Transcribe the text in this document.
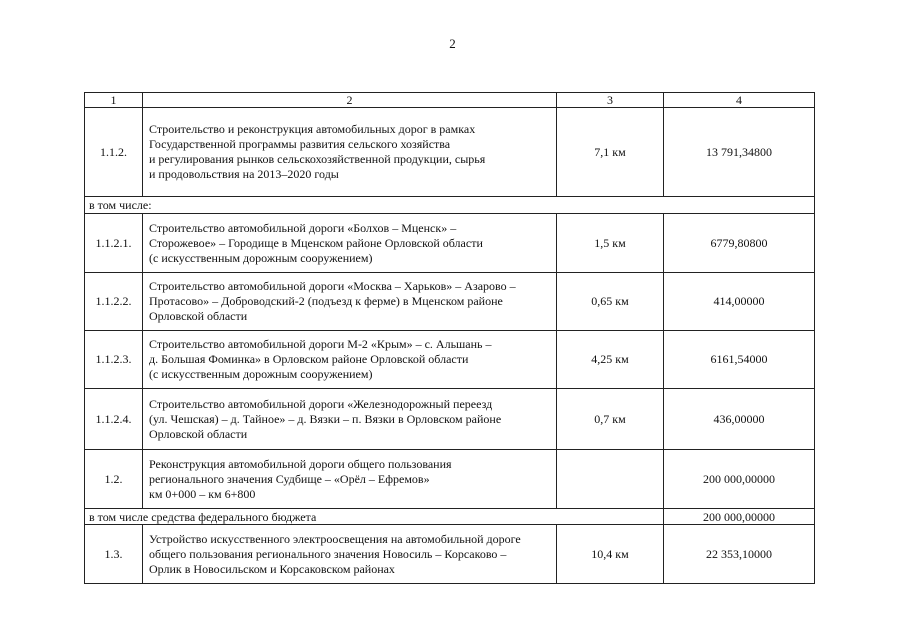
2
1	2	3	4
1.1.2.	Строительство и реконструкция автомобильных дорог в рамках
Государственной программы развития сельского хозяйства
и регулирования рынков сельскохозяйственной продукции, сырья
и продовольствия на 2013–2020 годы	7,1 км	13 791,34800
в том числе:			
1.1.2.1.	Строительство автомобильной дороги «Болхов – Мценск» –
Сторожевое» – Городище в Мценском районе Орловской области
(с искусственным дорожным сооружением)	1,5 км	6779,80800
1.1.2.2.	Строительство автомобильной дороги «Москва – Харьков» – Азарово –
Протасово» – Доброводский-2 (подъезд к ферме) в Мценском районе
Орловской области	0,65 км	414,00000
1.1.2.3.	Строительство автомобильной дороги М-2 «Крым» – с. Альшань –
д. Большая Фоминка» в Орловском районе Орловской области
(с искусственным дорожным сооружением)	4,25 км	6161,54000
1.1.2.4.	Строительство автомобильной дороги «Железнодорожный переезд
(ул. Чешская) – д. Тайное» – д. Вязки – п. Вязки в Орловском районе
Орловской области	0,7 км	436,00000
1.2.	Реконструкция автомобильной дороги общего пользования
регионального значения Судбище – «Орёл – Ефремов»
км 0+000 – км 6+800		200 000,00000
в том числе средства федерального бюджета			200 000,00000
1.3.	Устройство искусственного электроосвещения на автомобильной дороге
общего пользования регионального значения Новосиль – Корсаково –
Орлик в Новосильском и Корсаковском районах	10,4 км	22 353,10000
